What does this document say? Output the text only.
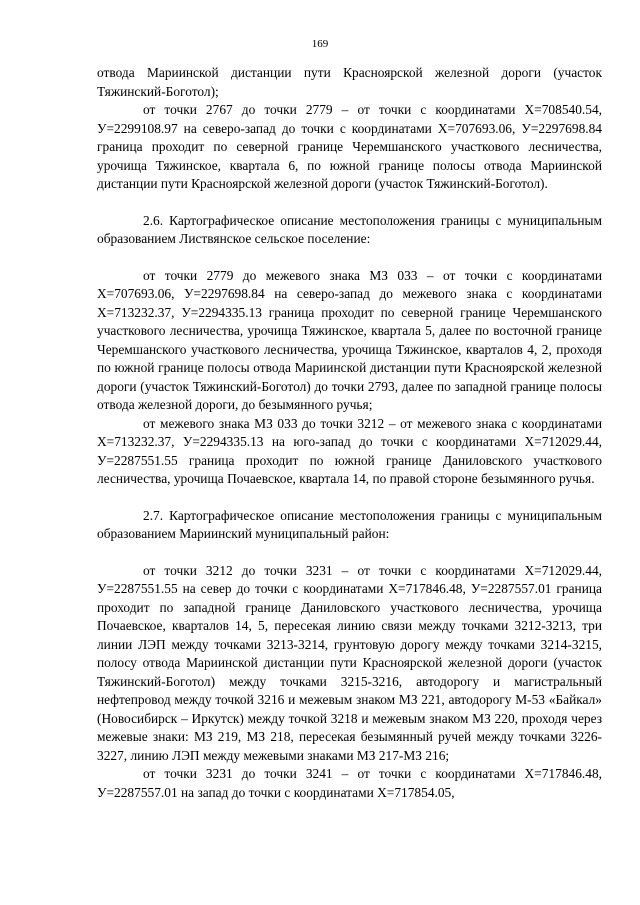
169

отвода Мариинской дистанции пути Красноярской железной дороги (участок Тяжинский-Боготол);

от точки 2767 до точки 2779 – от точки с координатами Х=708540.54, У=2299108.97 на северо-запад до точки с координатами Х=707693.06, У=2297698.84 граница проходит по северной границе Черемшанского участкового лесничества, урочища Тяжинское, квартала 6, по южной границе полосы отвода Мариинской дистанции пути Красноярской железной дороги (участок Тяжинский-Боготол).

2.6. Картографическое описание местоположения границы с муниципальным образованием Листвянское сельское поселение:

от точки 2779 до межевого знака МЗ 033 – от точки с координатами Х=707693.06, У=2297698.84 на северо-запад до межевого знака с координатами Х=713232.37, У=2294335.13 граница проходит по северной границе Черемшанского участкового лесничества, урочища Тяжинское, квартала 5, далее по восточной границе Черемшанского участкового лесничества, урочища Тяжинское, кварталов 4, 2, проходя по южной границе полосы отвода Мариинской дистанции пути Красноярской железной дороги (участок Тяжинский-Боготол) до точки 2793, далее по западной границе полосы отвода железной дороги, до безымянного ручья;

от межевого знака МЗ 033 до точки 3212 – от межевого знака с координатами Х=713232.37, У=2294335.13 на юго-запад до точки с координатами Х=712029.44, У=2287551.55 граница проходит по южной границе Даниловского участкового лесничества, урочища Почаевское, квартала 14, по правой стороне безымянного ручья.

2.7. Картографическое описание местоположения границы с муниципальным образованием Мариинский муниципальный район:

от точки 3212 до точки 3231 – от точки с координатами Х=712029.44, У=2287551.55 на север до точки с координатами Х=717846.48, У=2287557.01 граница проходит по западной границе Даниловского участкового лесничества, урочища Почаевское, кварталов 14, 5, пересекая линию связи между точками 3212-3213, три линии ЛЭП между точками 3213-3214, грунтовую дорогу между точками 3214-3215, полосу отвода Мариинской дистанции пути Красноярской железной дороги (участок Тяжинский-Боготол) между точками 3215-3216, автодорогу и магистральный нефтепровод между точкой 3216 и межевым знаком МЗ 221, автодорогу М-53 «Байкал» (Новосибирск – Иркутск) между точкой 3218 и межевым знаком МЗ 220, проходя через межевые знаки: МЗ 219, МЗ 218, пересекая безымянный ручей между точками 3226-3227, линию ЛЭП между межевыми знаками МЗ 217-МЗ 216;

от точки 3231 до точки 3241 – от точки с координатами Х=717846.48, У=2287557.01 на запад до точки с координатами Х=717854.05,
